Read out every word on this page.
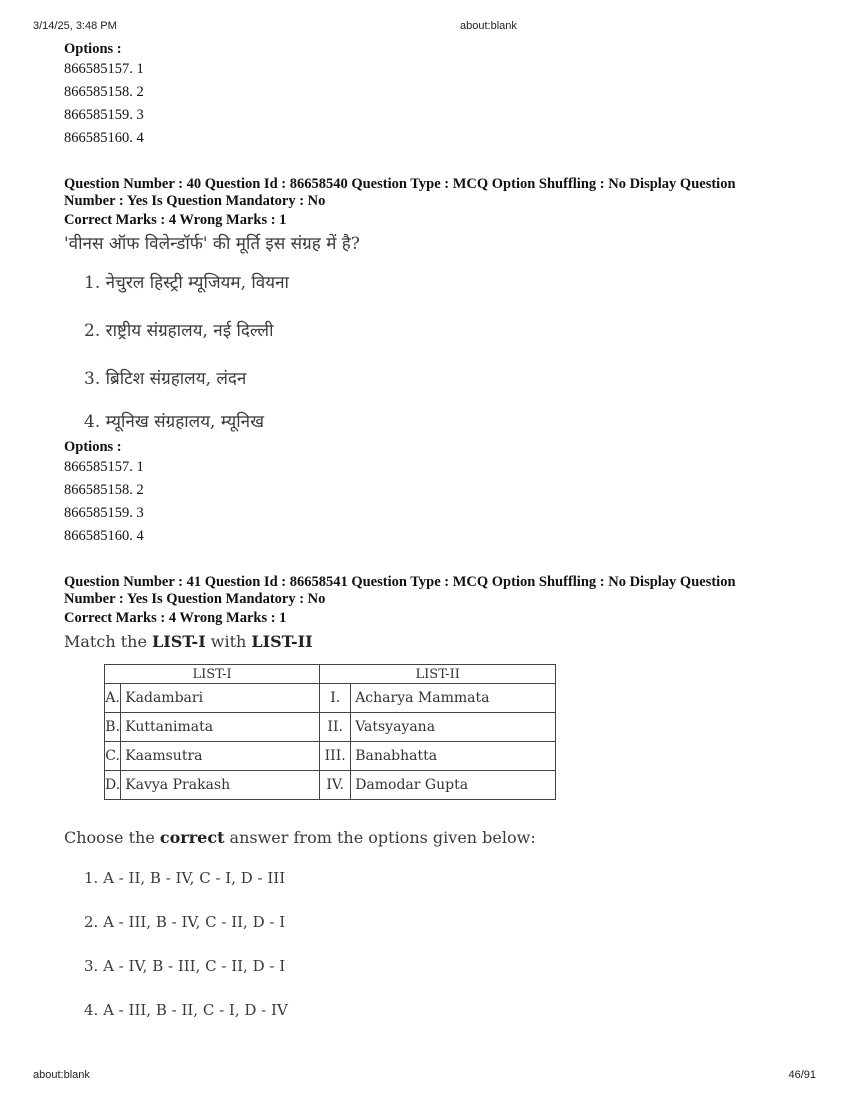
3/14/25, 3:48 PM	about:blank

Options :

866585157. 1

866585158. 2

866585159. 3

866585160. 4

Question Number : 40 Question Id : 86658540 Question Type : MCQ Option Shuffling : No Display Question

Number : Yes Is Question Mandatory : No

Correct Marks : 4 Wrong Marks : 1

'वीनस ऑफ विलेन्डॉर्फ' की मूर्ति इस संग्रह में है?

1. नेचुरल हिस्ट्री म्यूजियम, वियना

2. राष्ट्रीय संग्रहालय, नई दिल्ली

3. ब्रिटिश संग्रहालय, लंदन

4. म्यूनिख संग्रहालय, म्यूनिख

Options :

866585157. 1

866585158. 2

866585159. 3

866585160. 4

Question Number : 41 Question Id : 86658541 Question Type : MCQ Option Shuffling : No Display Question

Number : Yes Is Question Mandatory : No

Correct Marks : 4 Wrong Marks : 1

Match the LIST-I with LIST-II

LIST-I		LIST-II	
A.	Kadambari	I.	Acharya Mammata
B.	Kuttanimata	II.	Vatsyayana
C.	Kaamsutra	III.	Banabhatta
D.	Kavya Prakash	IV.	Damodar Gupta

Choose the correct answer from the options given below:

1. A - II, B - IV, C - I, D - III

2. A - III, B - IV, C - II, D - I

3. A - IV, B - III, C - II, D - I

4. A - III, B - II, C - I, D - IV

about:blank	46/91
